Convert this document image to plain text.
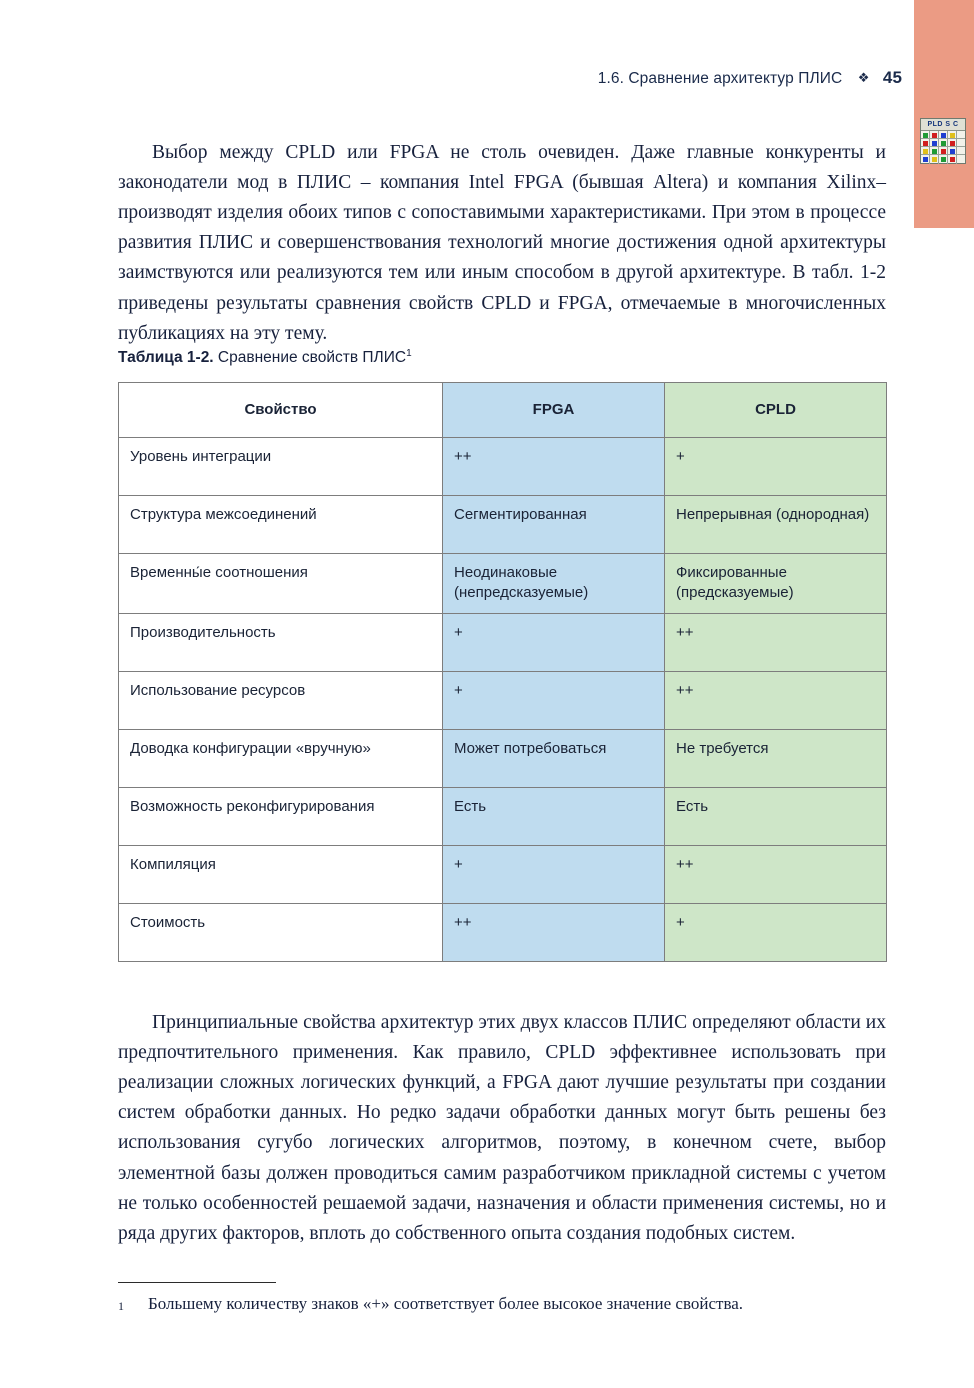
1.6. Сравнение архитектур ПЛИС ❖ 45
PLD S C

Выбор между CPLD или FPGA не столь очевиден. Даже главные конкуренты и законодатели мод в ПЛИС – компания Intel FPGA (бывшая Altera) и компания Xilinx– производят изделия обоих типов с сопоставимыми характеристиками. При этом в процессе развития ПЛИС и совершенствования технологий многие достижения одной архитектуры заимствуются или реализуются тем или иным способом в другой архитектуре. В табл. 1-2 приведены результаты сравнения свойств CPLD и FPGA, отмечаемые в многочисленных публикациях на эту тему.

Таблица 1-2. Сравнение свойств ПЛИС$^1$
Свойство	FPGA	CPLD
Уровень интеграции	++	+
Структура межсоединений	Сегментированная	Непрерывная (однородная)
Временны́е соотношения	Неодинаковые (непредсказуемые)	Фиксированные (предсказуемые)
Производительность	+	++
Использование ресурсов	+	++
Доводка конфигурации «вручную»	Может потребоваться	Не требуется
Возможность реконфигурирования	Есть	Есть
Компиляция	+	++
Стоимость	++	+

Принципиальные свойства архитектур этих двух классов ПЛИС определяют области их предпочтительного применения. Как правило, CPLD эффективнее использовать при реализации сложных логических функций, а FPGA дают лучшие результаты при создании систем обработки данных. Но редко задачи обработки данных могут быть решены без использования сугубо логических алгоритмов, поэтому, в конечном счете, выбор элементной базы должен проводиться самим разработчиком прикладной системы с учетом не только особенностей решаемой задачи, назначения и области применения системы, но и ряда других факторов, вплоть до собственного опыта создания подобных систем.

1 Большему количеству знаков «+» соответствует более высокое значение свойства.
